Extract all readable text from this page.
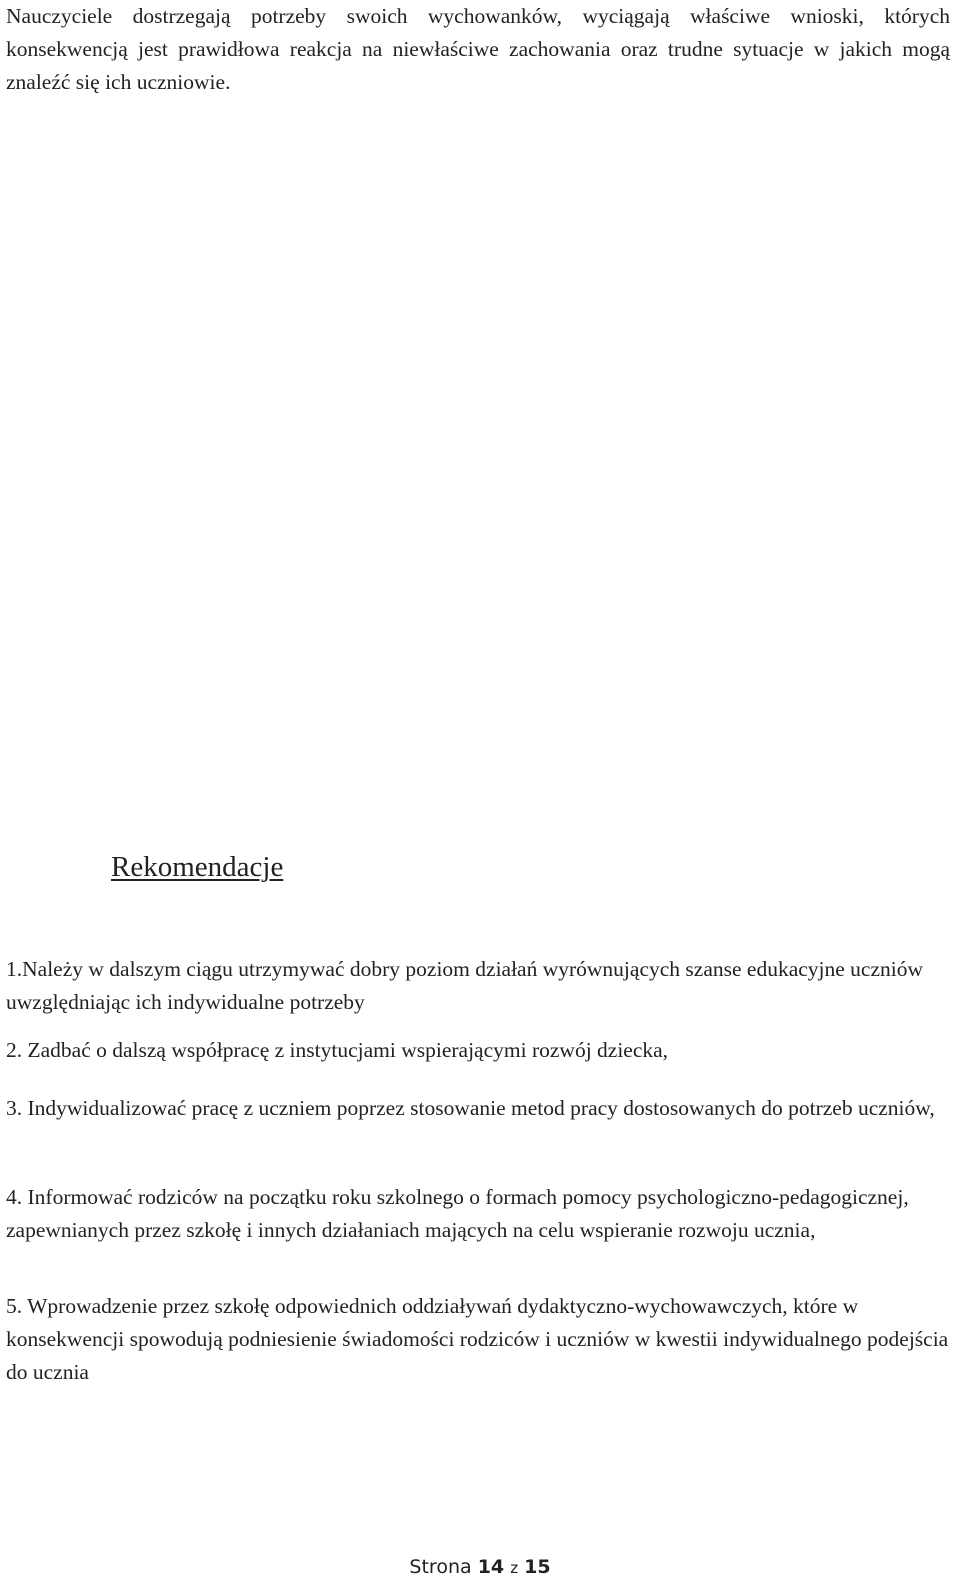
Nauczyciele dostrzegają potrzeby swoich wychowanków, wyciągają właściwe wnioski, których konsekwencją jest prawidłowa reakcja na niewłaściwe zachowania oraz trudne sytuacje w jakich mogą znaleźć się ich uczniowie.

Rekomendacje

1.Należy w dalszym ciągu utrzymywać dobry poziom działań wyrównujących szanse edukacyjne uczniów uwzględniając ich indywidualne potrzeby

2. Zadbać o dalszą współpracę z instytucjami wspierającymi rozwój dziecka,

3. Indywidualizować pracę z uczniem poprzez stosowanie metod pracy dostosowanych do potrzeb uczniów,

4. Informować rodziców na początku roku szkolnego o formach pomocy psychologiczno-pedagogicznej, zapewnianych przez szkołę i innych działaniach mających na celu wspieranie rozwoju ucznia,

5. Wprowadzenie przez szkołę odpowiednich oddziaływań dydaktyczno-wychowawczych, które w konsekwencji spowodują podniesienie świadomości rodziców i uczniów w kwestii indywidualnego podejścia do ucznia

Strona 14 z 15
